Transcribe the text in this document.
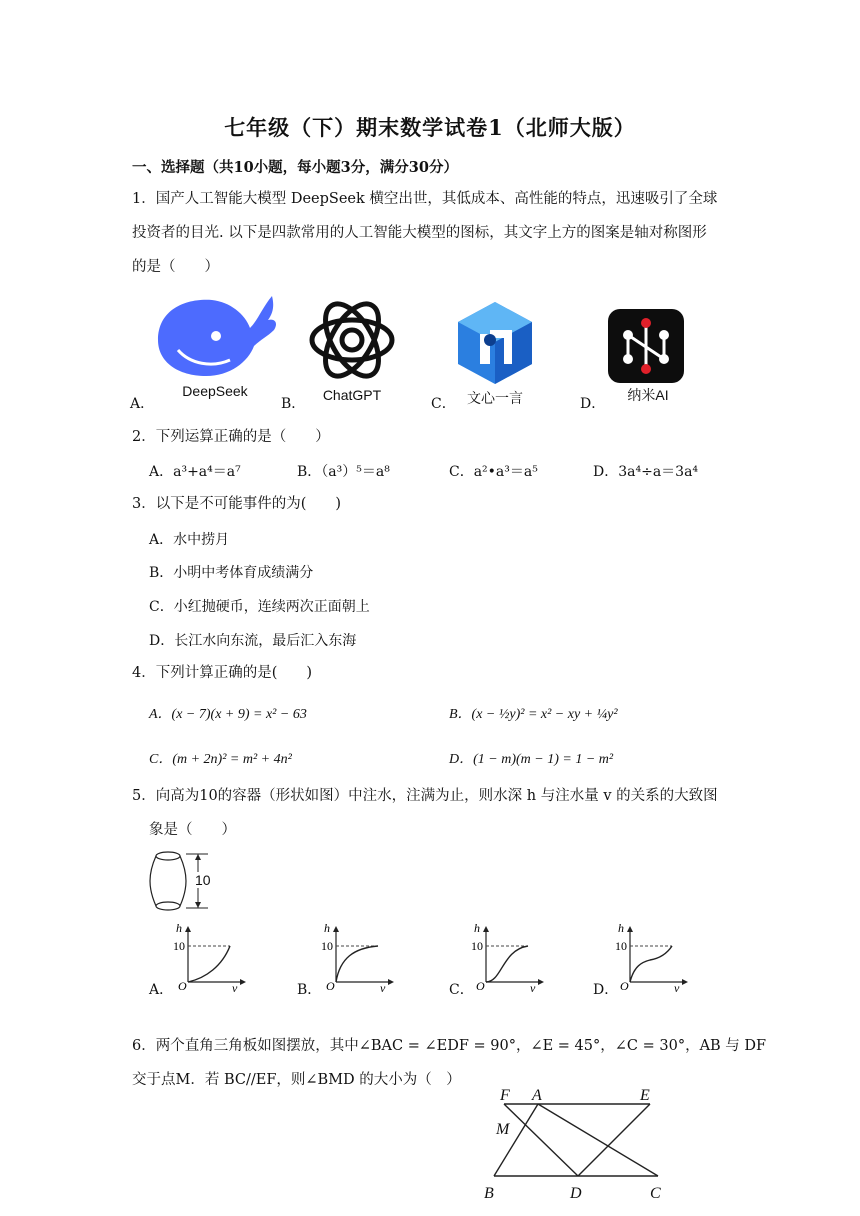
七年级（下）期末数学试卷1（北师大版）
一、选择题（共10小题，每小题3分，满分30分）
1．国产人工智能大模型 DeepSeek 横空出世，其低成本、高性能的特点，迅速吸引了全球
投资者的目光. 以下是四款常用的人工智能大模型的图标，其文字上方的图案是轴对称图形
的是（　　）
A．
DeepSeek
B．
ChatGPT
C． 文心一言	D．
纳米AI
2．下列运算正确的是（　　）
A．a³+a⁴＝a⁷	B．（a³）⁵＝a⁸	C．a²•a³＝a⁵	D．3a⁴÷a＝3a⁴
3．以下是不可能事件的为(　　)
A．水中捞月
B．小明中考体育成绩满分
C．小红抛硬币，连续两次正面朝上
D．长江水向东流，最后汇入东海
4．下列计算正确的是(　　)
A．(x − 7)(x + 9) = x² − 63	B．(x − ½y)² = x² − xy + ¼y²
C．(m + 2n)² = m² + 4n²	D．(1 − m)(m − 1) = 1 − m²
5．向高为10的容器（形状如图）中注水，注满为止，则水深 h 与注水量 v 的关系的大致图
象是（　　）
10
A．	B．	C．	D．
h
10
O	v
h
10
O	v
h
10
O	v
h
10
O	v
6．两个直角三角板如图摆放，其中∠BAC = ∠EDF = 90°，∠E = 45°，∠C = 30°，AB 与 DF
交于点M．若 BC//EF，则∠BMD 的大小为（　）
F A	E
M
B	D	C
